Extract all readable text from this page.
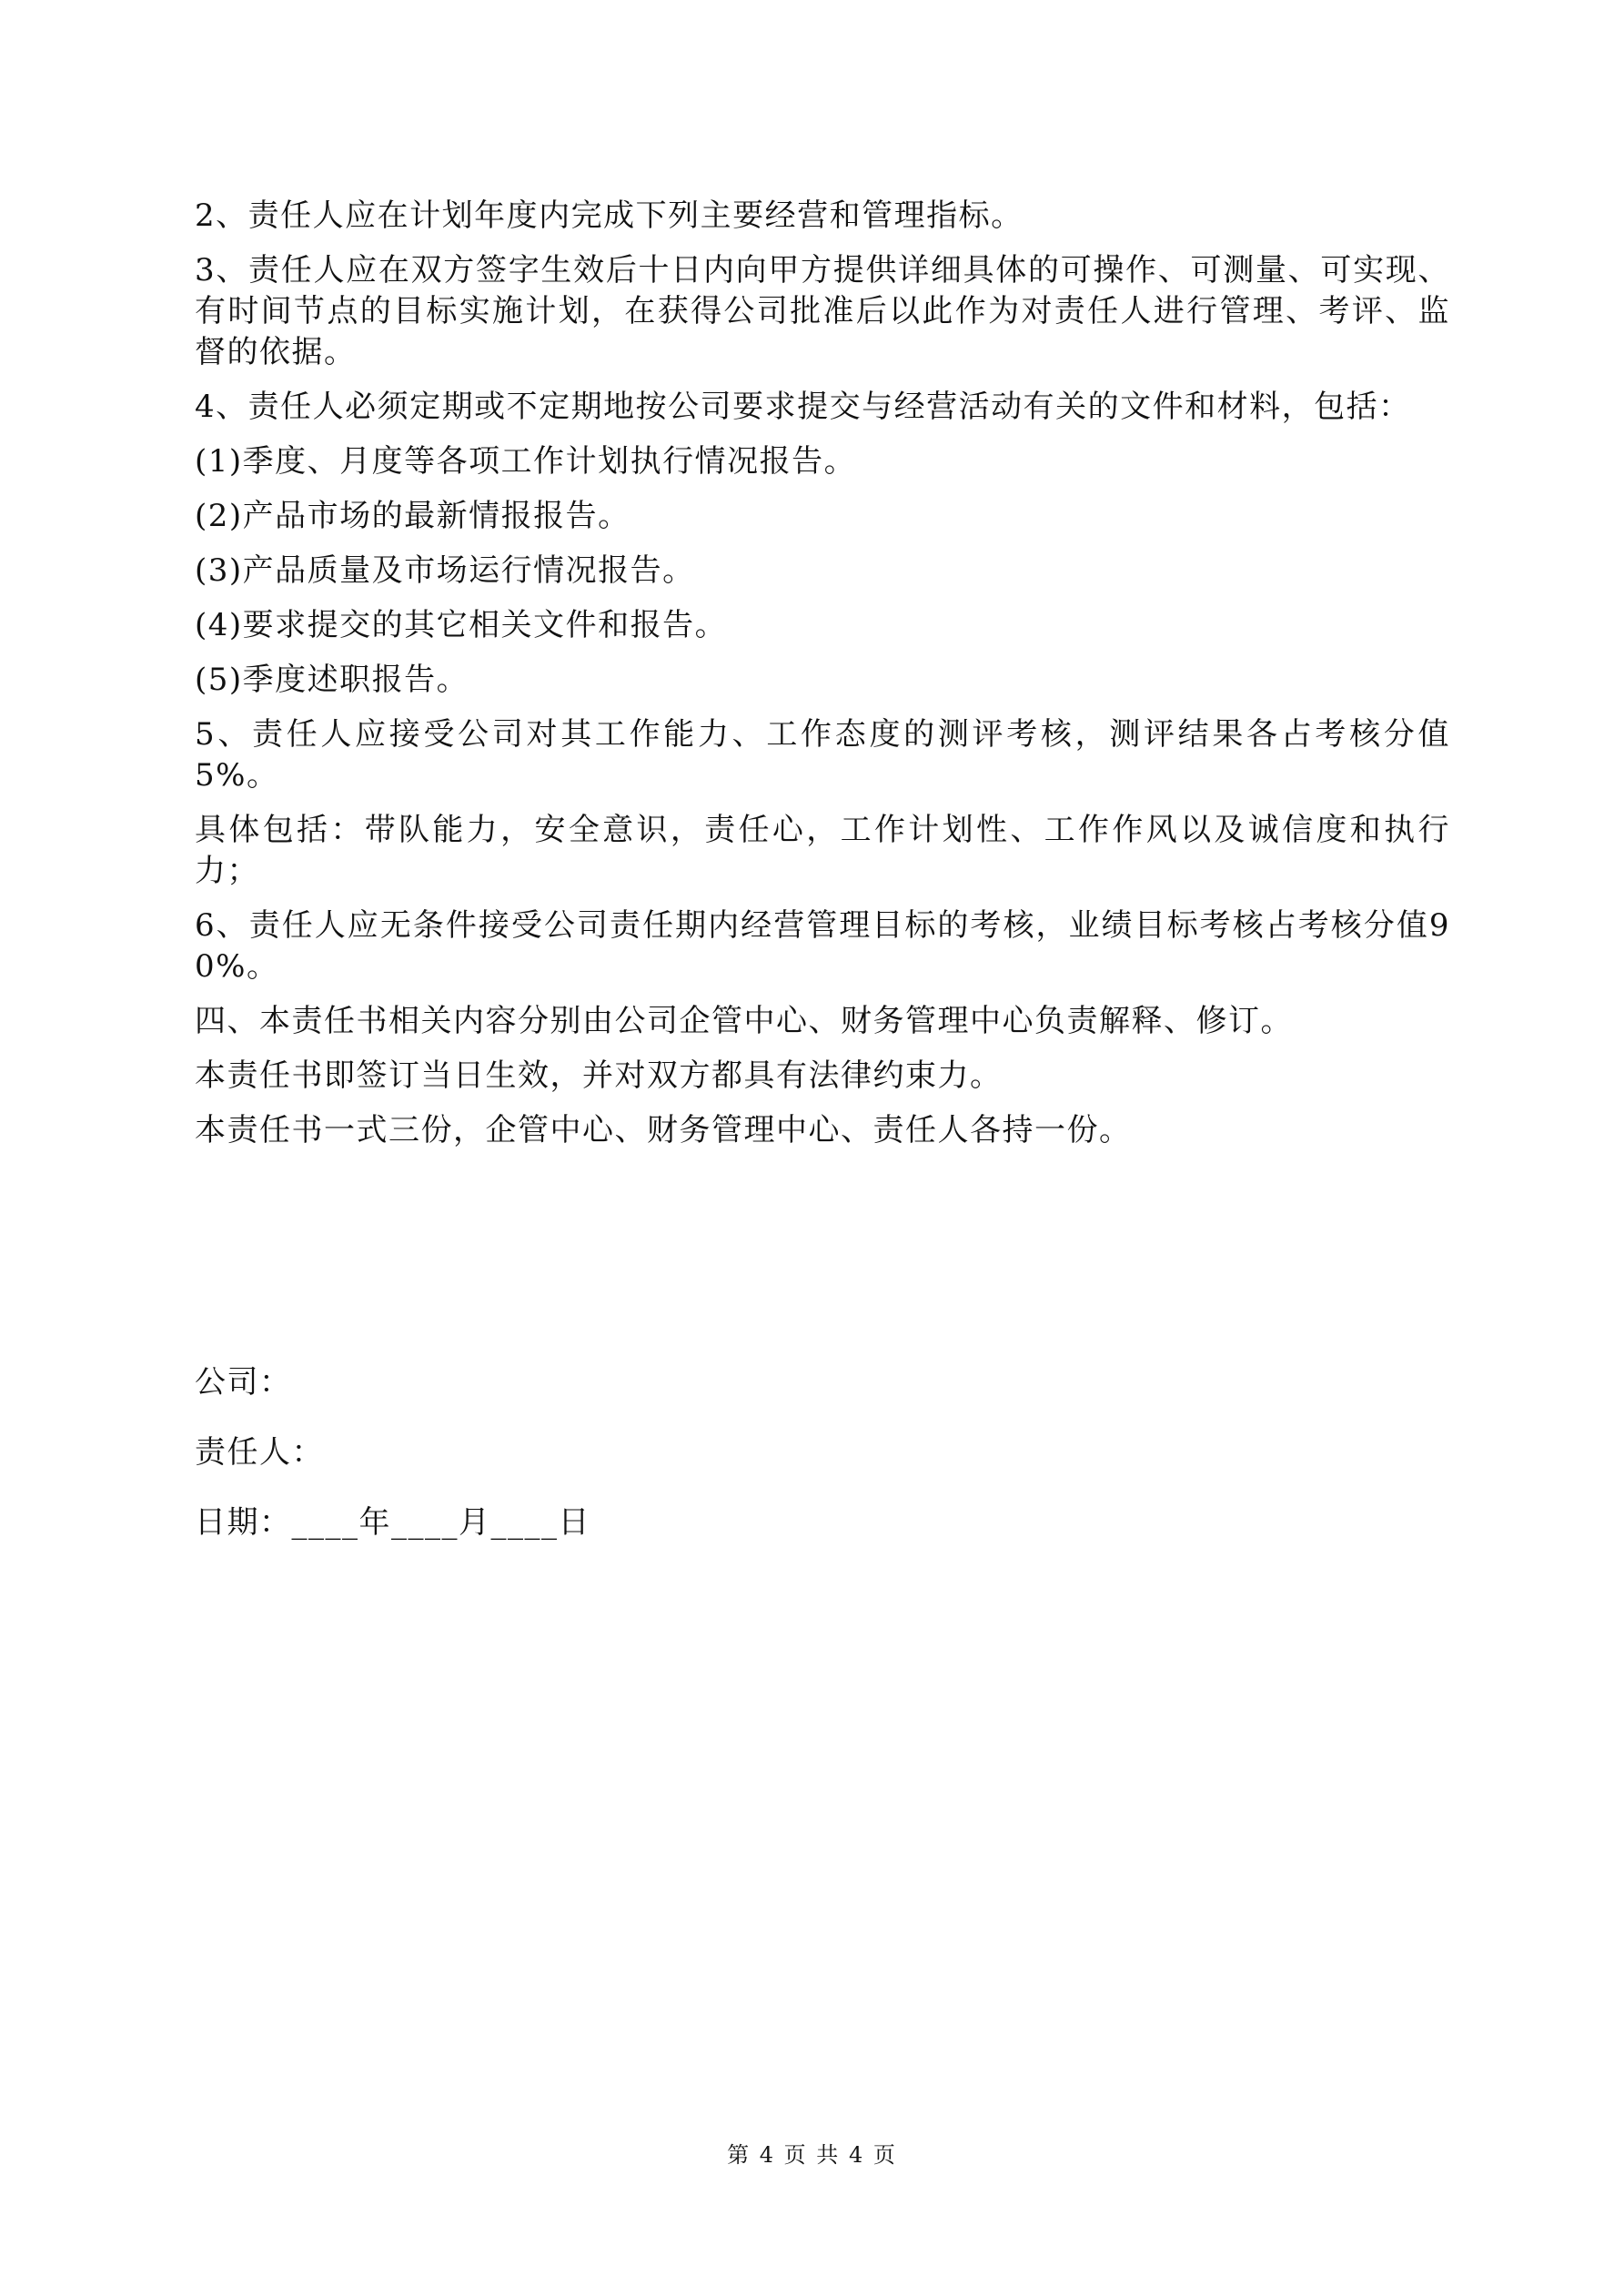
2、责任人应在计划年度内完成下列主要经营和管理指标。

3、责任人应在双方签字生效后十日内向甲方提供详细具体的可操作、可测量、可实现、有时间节点的目标实施计划，在获得公司批准后以此作为对责任人进行管理、考评、监督的依据。

4、责任人必须定期或不定期地按公司要求提交与经营活动有关的文件和材料，包括：

(1)季度、月度等各项工作计划执行情况报告。

(2)产品市场的最新情报报告。

(3)产品质量及市场运行情况报告。

(4)要求提交的其它相关文件和报告。

(5)季度述职报告。

5、责任人应接受公司对其工作能力、工作态度的测评考核，测评结果各占考核分值 5%。

具体包括：带队能力，安全意识，责任心，工作计划性、工作作风以及诚信度和执行力；

6、责任人应无条件接受公司责任期内经营管理目标的考核，业绩目标考核占考核分值90%。

四、本责任书相关内容分别由公司企管中心、财务管理中心负责解释、修订。

本责任书即签订当日生效，并对双方都具有法律约束力。

本责任书一式三份，企管中心、财务管理中心、责任人各持一份。

公司：
责任人：
日期：____年____月____日
第 4 页 共 4 页
